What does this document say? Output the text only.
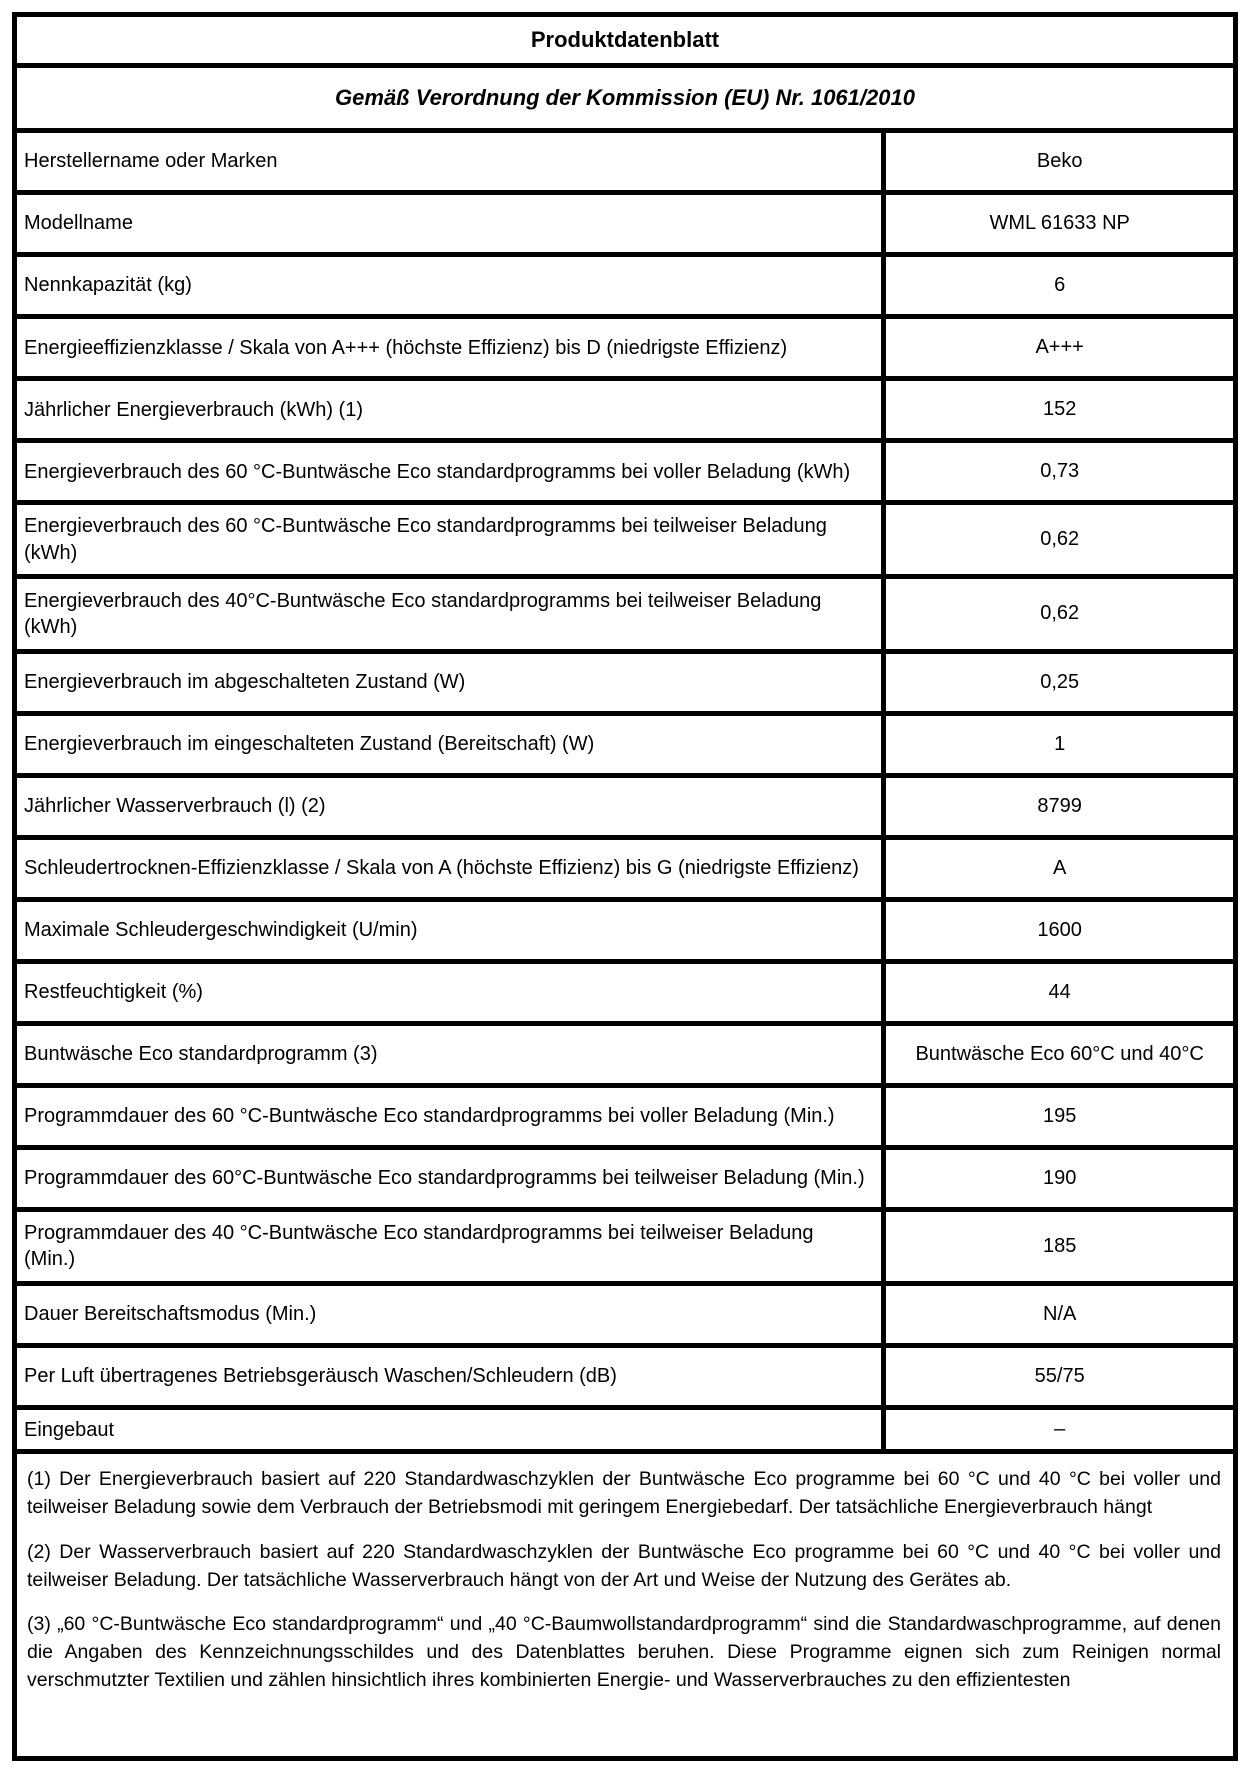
Produktdatenblatt	
Gemäß Verordnung der Kommission (EU) Nr. 1061/2010	
Herstellername oder Marken	Beko
Modellname	WML 61633 NP
Nennkapazität (kg)	6
Energieeffizienzklasse / Skala von A+++ (höchste Effizienz) bis D (niedrigste Effizienz)	A+++
Jährlicher Energieverbrauch (kWh) (1)	152
Energieverbrauch des 60 °C-Buntwäsche Eco standardprogramms bei voller Beladung (kWh)	0,73
Energieverbrauch des 60 °C-Buntwäsche Eco standardprogramms bei teilweiser Beladung (kWh)	0,62
Energieverbrauch des 40°C-Buntwäsche Eco standardprogramms bei teilweiser Beladung (kWh)	0,62
Energieverbrauch im abgeschalteten Zustand (W)	0,25
Energieverbrauch im eingeschalteten Zustand (Bereitschaft) (W)	1
Jährlicher Wasserverbrauch (l) (2)	8799
Schleudertrocknen-Effizienzklasse / Skala von A (höchste Effizienz) bis G (niedrigste Effizienz)	A
Maximale Schleudergeschwindigkeit (U/min)	1600
Restfeuchtigkeit (%)	44
Buntwäsche Eco standardprogramm (3)	Buntwäsche Eco 60°C und 40°C
Programmdauer des 60 °C-Buntwäsche Eco standardprogramms bei voller Beladung (Min.)	195
Programmdauer des 60°C-Buntwäsche Eco standardprogramms bei teilweiser Beladung (Min.)	190
Programmdauer des 40 °C-Buntwäsche Eco standardprogramms bei teilweiser Beladung (Min.)	185
Dauer Bereitschaftsmodus (Min.)	N/A
Per Luft übertragenes Betriebsgeräusch Waschen/Schleudern (dB)	55/75
Eingebaut	–

(1) Der Energieverbrauch basiert auf 220 Standardwaschzyklen der Buntwäsche Eco programme bei 60 °C und 40 °C bei voller und teilweiser Beladung sowie dem Verbrauch der Betriebsmodi mit geringem Energiebedarf. Der tatsächliche Energieverbrauch hängt

(2) Der Wasserverbrauch basiert auf 220 Standardwaschzyklen der Buntwäsche Eco programme bei 60 °C und 40 °C bei voller und teilweiser Beladung. Der tatsächliche Wasserverbrauch hängt von der Art und Weise der Nutzung des Gerätes ab.

(3) „60 °C-Buntwäsche Eco standardprogramm“ und „40 °C-Baumwollstandardprogramm“ sind die Standardwaschprogramme, auf denen die Angaben des Kennzeichnungsschildes und des Datenblattes beruhen. Diese Programme eignen sich zum Reinigen normal verschmutzter Textilien und zählen hinsichtlich ihres kombinierten Energie- und Wasserverbrauches zu den effizientesten	
